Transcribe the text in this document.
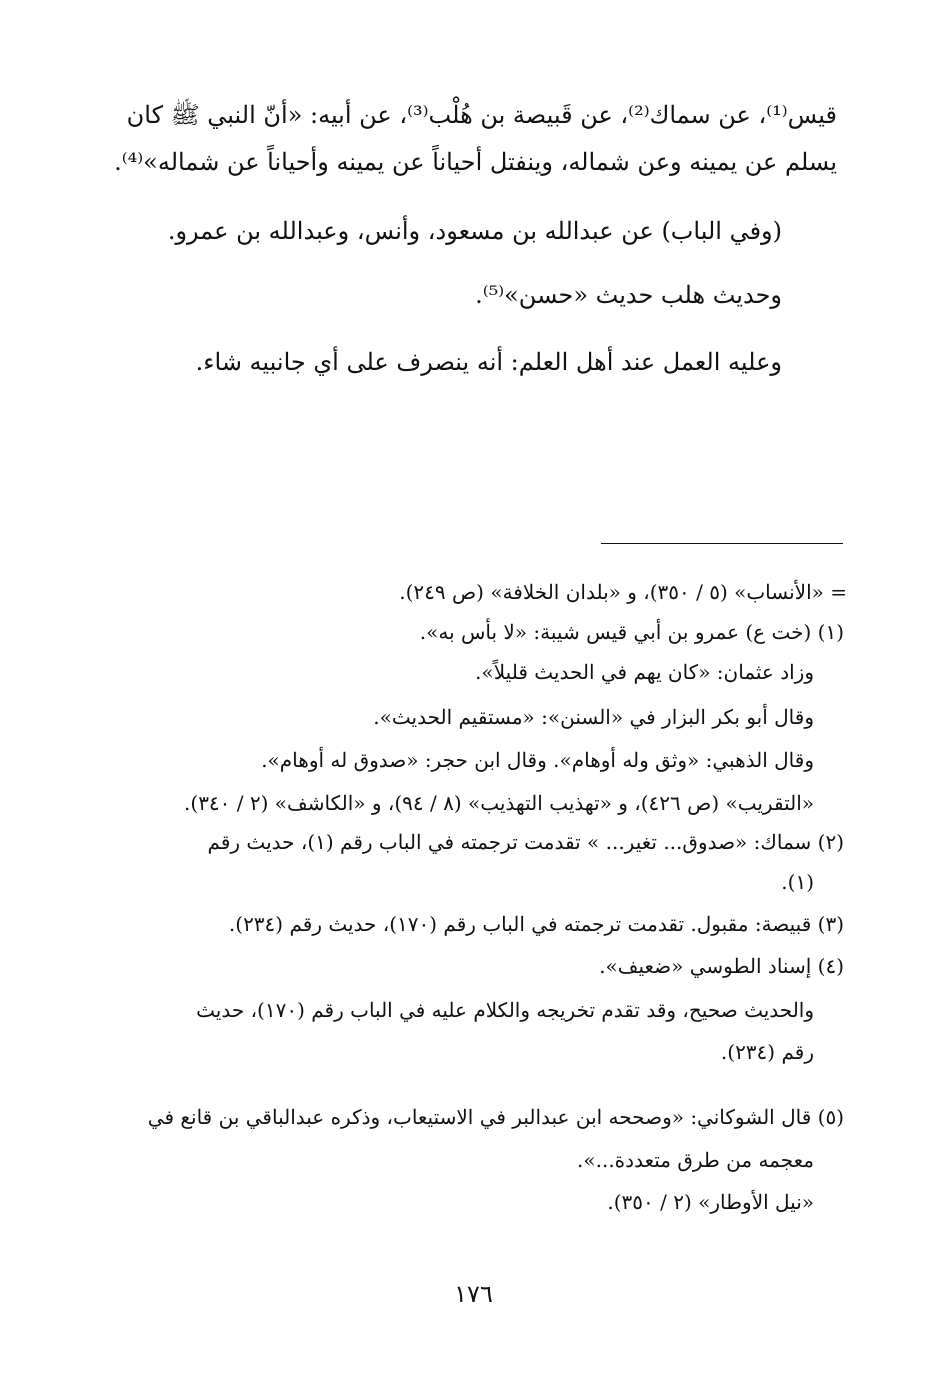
قيس⁽¹⁾، عن سماك⁽²⁾، عن قَبيصة بن هُلْب⁽³⁾، عن أبيه: «أنّ النبي ﷺ كان

يسلم عن يمينه وعن شماله، وينفتل أحياناً عن يمينه وأحياناً عن شماله»⁽⁴⁾.

(وفي الباب) عن عبدالله بن مسعود، وأنس، وعبدالله بن عمرو.

وحديث هلب حديث «حسن»⁽⁵⁾.

وعليه العمل عند أهل العلم: أنه ينصرف على أي جانبيه شاء.

= «الأنساب» (٥ / ٣٥٠)، و «بلدان الخلافة» (ص ٢٤٩).

(١) (خت ع) عمرو بن أبي قيس شيبة: «لا بأس به».

وزاد عثمان: «كان يهم في الحديث قليلاً».

وقال أبو بكر البزار في «السنن»: «مستقيم الحديث».

وقال الذهبي: «وثق وله أوهام». وقال ابن حجر: «صدوق له أوهام».

«التقريب» (ص ٤٢٦)، و «تهذيب التهذيب» (٨ / ٩٤)، و «الكاشف» (٢ / ٣٤٠).

(٢) سماك: «صدوق... تغير... » تقدمت ترجمته في الباب رقم (١)، حديث رقم

(١).

(٣) قبيصة: مقبول. تقدمت ترجمته في الباب رقم (١٧٠)، حديث رقم (٢٣٤).

(٤) إسناد الطوسي «ضعيف».

والحديث صحيح، وقد تقدم تخريجه والكلام عليه في الباب رقم (١٧٠)، حديث

رقم (٢٣٤).

(٥) قال الشوكاني: «وصححه ابن عبدالبر في الاستيعاب، وذكره عبدالباقي بن قانع في

معجمه من طرق متعددة...».

«نيل الأوطار» (٢ / ٣٥٠).

١٧٦
